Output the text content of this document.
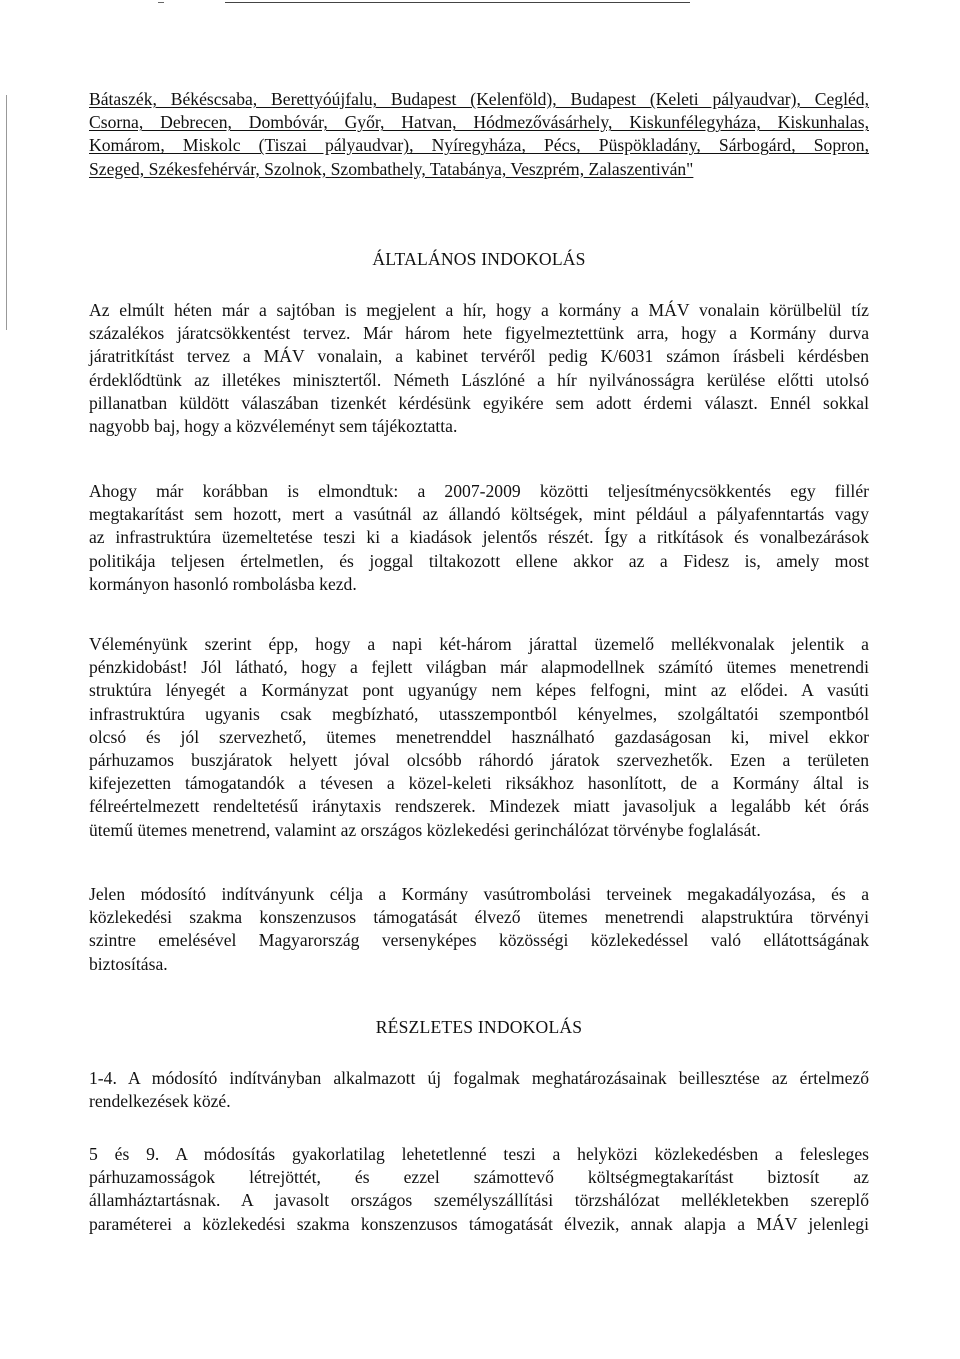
Bátaszék, Békéscsaba, Berettyóújfalu, Budapest (Kelenföld), Budapest (Keleti pályaudvar), Cegléd,
Csorna, Debrecen, Dombóvár, Győr, Hatvan, Hódmezővásárhely, Kiskunfélegyháza, Kiskunhalas,
Komárom, Miskolc (Tiszai pályaudvar), Nyíregyháza, Pécs, Püspökladány, Sárbogárd, Sopron,
Szeged, Székesfehérvár, Szolnok, Szombathely, Tatabánya, Veszprém, Zalaszentiván"
ÁLTALÁNOS INDOKOLÁS
Az elmúlt héten már a sajtóban is megjelent a hír, hogy a kormány a MÁV vonalain körülbelül tíz
százalékos járatcsökkentést tervez. Már három hete figyelmeztettünk arra, hogy a Kormány durva
járatritkítást tervez a MÁV vonalain, a kabinet tervéről pedig K/6031 számon írásbeli kérdésben
érdeklődtünk az illetékes minisztertől. Németh Lászlóné a hír nyilvánosságra kerülése előtti utolsó
pillanatban küldött válaszában tizenkét kérdésünk egyikére sem adott érdemi választ. Ennél sokkal
nagyobb baj, hogy a közvéleményt sem tájékoztatta.
Ahogy már korábban is elmondtuk: a 2007-2009 közötti teljesítménycsökkentés egy fillér
megtakarítást sem hozott, mert a vasútnál az állandó költségek, mint például a pályafenntartás vagy
az infrastruktúra üzemeltetése teszi ki a kiadások jelentős részét. Így a ritkítások és vonalbezárások
politikája teljesen értelmetlen, és joggal tiltakozott ellene akkor az a Fidesz is, amely most
kormányon hasonló rombolásba kezd.
Véleményünk szerint épp, hogy a napi két-három járattal üzemelő mellékvonalak jelentik a
pénzkidobást! Jól látható, hogy a fejlett világban már alapmodellnek számító ütemes menetrendi
struktúra lényegét a Kormányzat pont ugyanúgy nem képes felfogni, mint az elődei. A vasúti
infrastruktúra ugyanis csak megbízható, utasszempontból kényelmes, szolgáltatói szempontból
olcsó és jól szervezhető, ütemes menetrenddel használható gazdaságosan ki, mivel ekkor
párhuzamos buszjáratok helyett jóval olcsóbb ráhordó járatok szervezhetők. Ezen a területen
kifejezetten támogatandók a tévesen a közel-keleti riksákhoz hasonlított, de a Kormány által is
félreértelmezett rendeltetésű iránytaxis rendszerek. Mindezek miatt javasoljuk a legalább két órás
ütemű ütemes menetrend, valamint az országos közlekedési gerinchálózat törvénybe foglalását.
Jelen módosító indítványunk célja a Kormány vasútrombolási terveinek megakadályozása, és a
közlekedési szakma konszenzusos támogatását élvező ütemes menetrendi alapstruktúra törvényi
szintre emelésével Magyarország versenyképes közösségi közlekedéssel való ellátottságának
biztosítása.
RÉSZLETES INDOKOLÁS
1-4. A módosító indítványban alkalmazott új fogalmak meghatározásainak beillesztése az értelmező
rendelkezések közé.
5 és 9. A módosítás gyakorlatilag lehetetlenné teszi a helyközi közlekedésben a felesleges
párhuzamosságok létrejöttét, és ezzel számottevő költségmegtakarítást biztosít az
államháztartásnak. A javasolt országos személyszállítási törzshálózat mellékletekben szereplő
paraméterei a közlekedési szakma konszenzusos támogatását élvezik, annak alapja a MÁV jelenlegi
